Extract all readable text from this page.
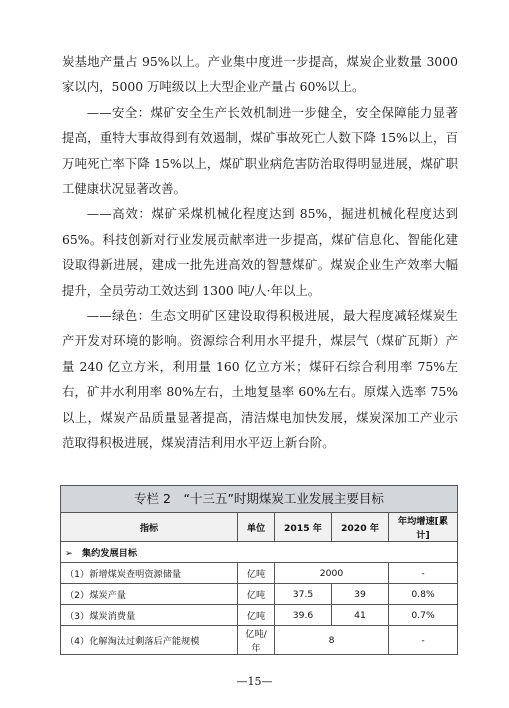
炭基地产量占 95%以上。产业集中度进一步提高，煤炭企业数量 3000 家以内，5000 万吨级以上大型企业产量占 60%以上。

——安全：煤矿安全生产长效机制进一步健全，安全保障能力显著提高，重特大事故得到有效遏制，煤矿事故死亡人数下降 15%以上，百万吨死亡率下降 15%以上，煤矿职业病危害防治取得明显进展，煤矿职工健康状况显著改善。

——高效：煤矿采煤机械化程度达到 85%，掘进机械化程度达到 65%。科技创新对行业发展贡献率进一步提高，煤矿信息化、智能化建设取得新进展，建成一批先进高效的智慧煤矿。煤炭企业生产效率大幅提升，全员劳动工效达到 1300 吨/人·年以上。

——绿色：生态文明矿区建设取得积极进展，最大程度减轻煤炭生产开发对环境的影响。资源综合利用水平提升，煤层气（煤矿瓦斯）产量 240 亿立方米，利用量 160 亿立方米；煤矸石综合利用率 75%左右，矿井水利用率 80%左右，土地复垦率 60%左右。原煤入选率 75%以上，煤炭产品质量显著提高，清洁煤电加快发展，煤炭深加工产业示范取得积极进展，煤炭清洁利用水平迈上新台阶。

专栏 2　“十三五”时期煤炭工业发展主要目标
指标	单位	2015 年	2020 年	年均增速[累计]
➢　集约发展目标				
（1）新增煤炭查明资源储量	亿吨	2000		-
（2）煤炭产量	亿吨	37.5	39	0.8%
（3）煤炭消费量	亿吨	39.6	41	0.7%
（4）化解淘汰过剩落后产能规模	亿吨/年	8		-
—15—
